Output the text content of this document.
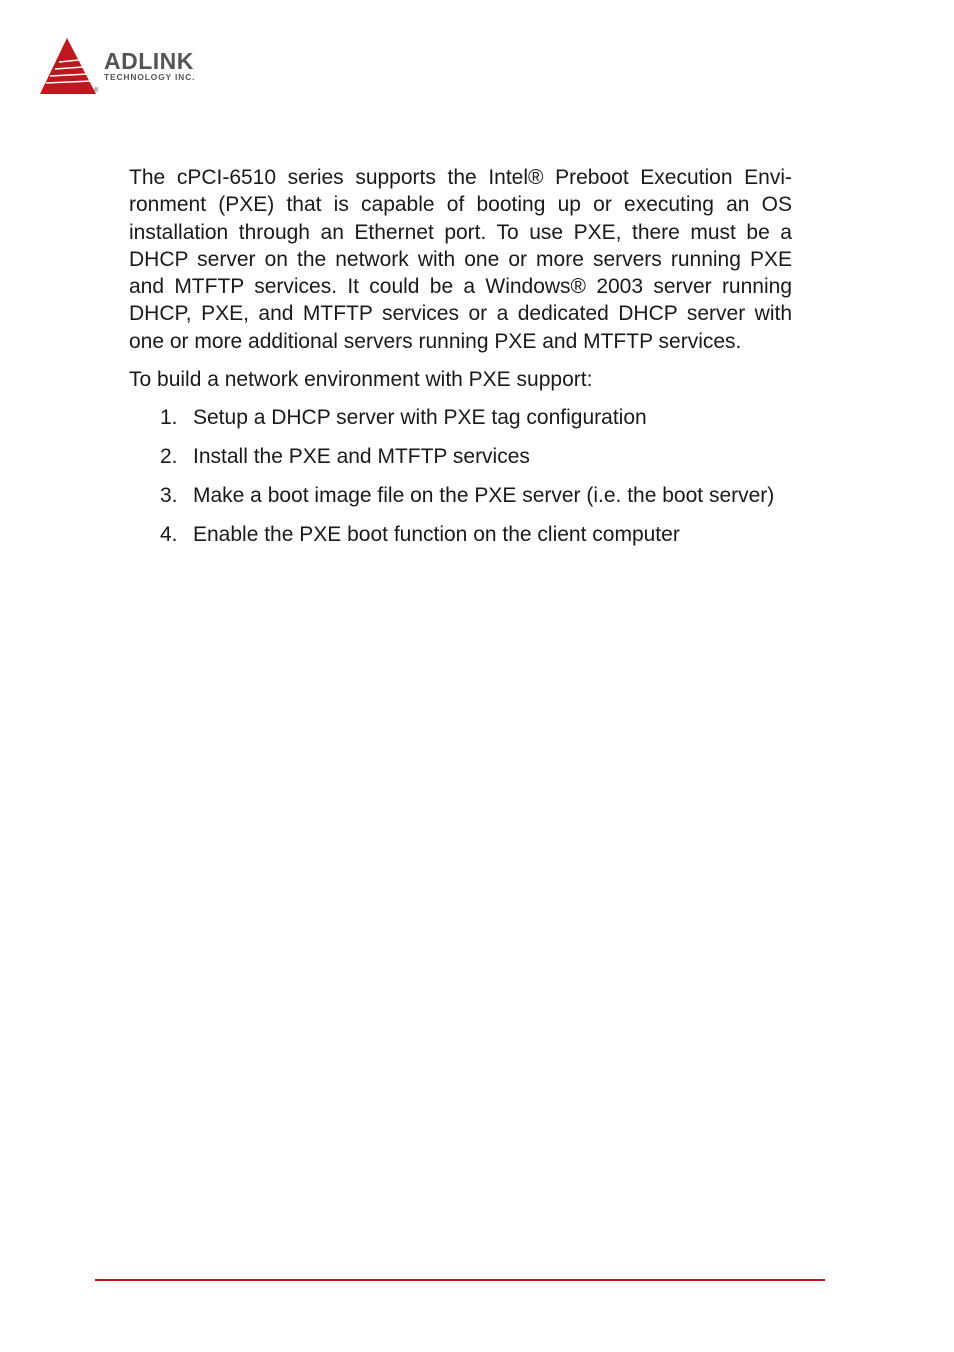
ADLINK
TECHNOLOGY INC.
®

The cPCI-6510 series supports the Intel® Preboot Execution Envi-ronment (PXE) that is capable of booting up or executing an OS installation through an Ethernet port. To use PXE, there must be a DHCP server on the network with one or more servers running PXE and MTFTP services. It could be a Windows® 2003 server running DHCP, PXE, and MTFTP services or a dedicated DHCP server with one or more additional servers running PXE and MTFTP services.

To build a network environment with PXE support:

1. Setup a DHCP server with PXE tag configuration
2. Install the PXE and MTFTP services
3. Make a boot image file on the PXE server (i.e. the boot server)
4. Enable the PXE boot function on the client computer
